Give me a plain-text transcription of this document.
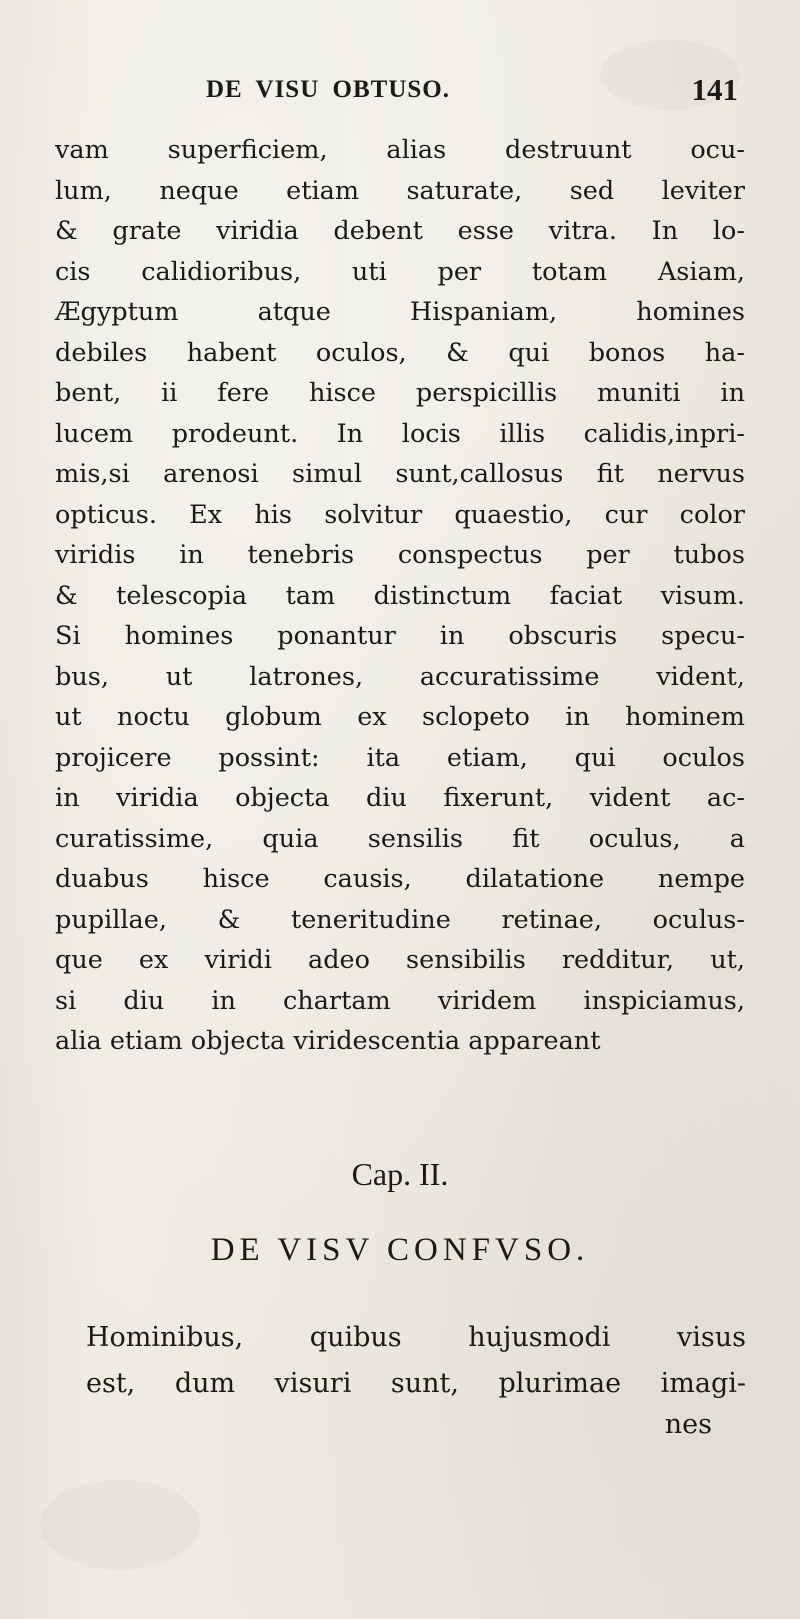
DE VISU OBTUSO.	141
vam superficiem, alias destruunt ocu-
lum, neque etiam saturate, sed leviter
& grate viridia debent esse vitra. In lo-
cis calidioribus, uti per totam Asiam,
Ægyptum atque Hispaniam, homines
debiles habent oculos, & qui bonos ha-
bent, ii fere hisce perspicillis muniti in
lucem prodeunt. In locis illis calidis,inpri-
mis,si arenosi simul sunt,callosus fit nervus
opticus. Ex his solvitur quaestio, cur color
viridis in tenebris conspectus per tubos
& telescopia tam distinctum faciat visum.
Si homines ponantur in obscuris specu-
bus, ut latrones, accuratissime vident,
ut noctu globum ex sclopeto in hominem
projicere possint: ita etiam, qui oculos
in viridia objecta diu fixerunt, vident ac-
curatissime, quia sensilis fit oculus, a
duabus hisce causis, dilatatione nempe
pupillae, & teneritudine retinae, oculus-
que ex viridi adeo sensibilis redditur, ut,
si diu in chartam viridem inspiciamus,
alia etiam objecta viridescentia appareant
Cap. II.
DE VISV CONFVSO.
Hominibus, quibus hujusmodi visus
est, dum visuri sunt, plurimae imagi-
nes
